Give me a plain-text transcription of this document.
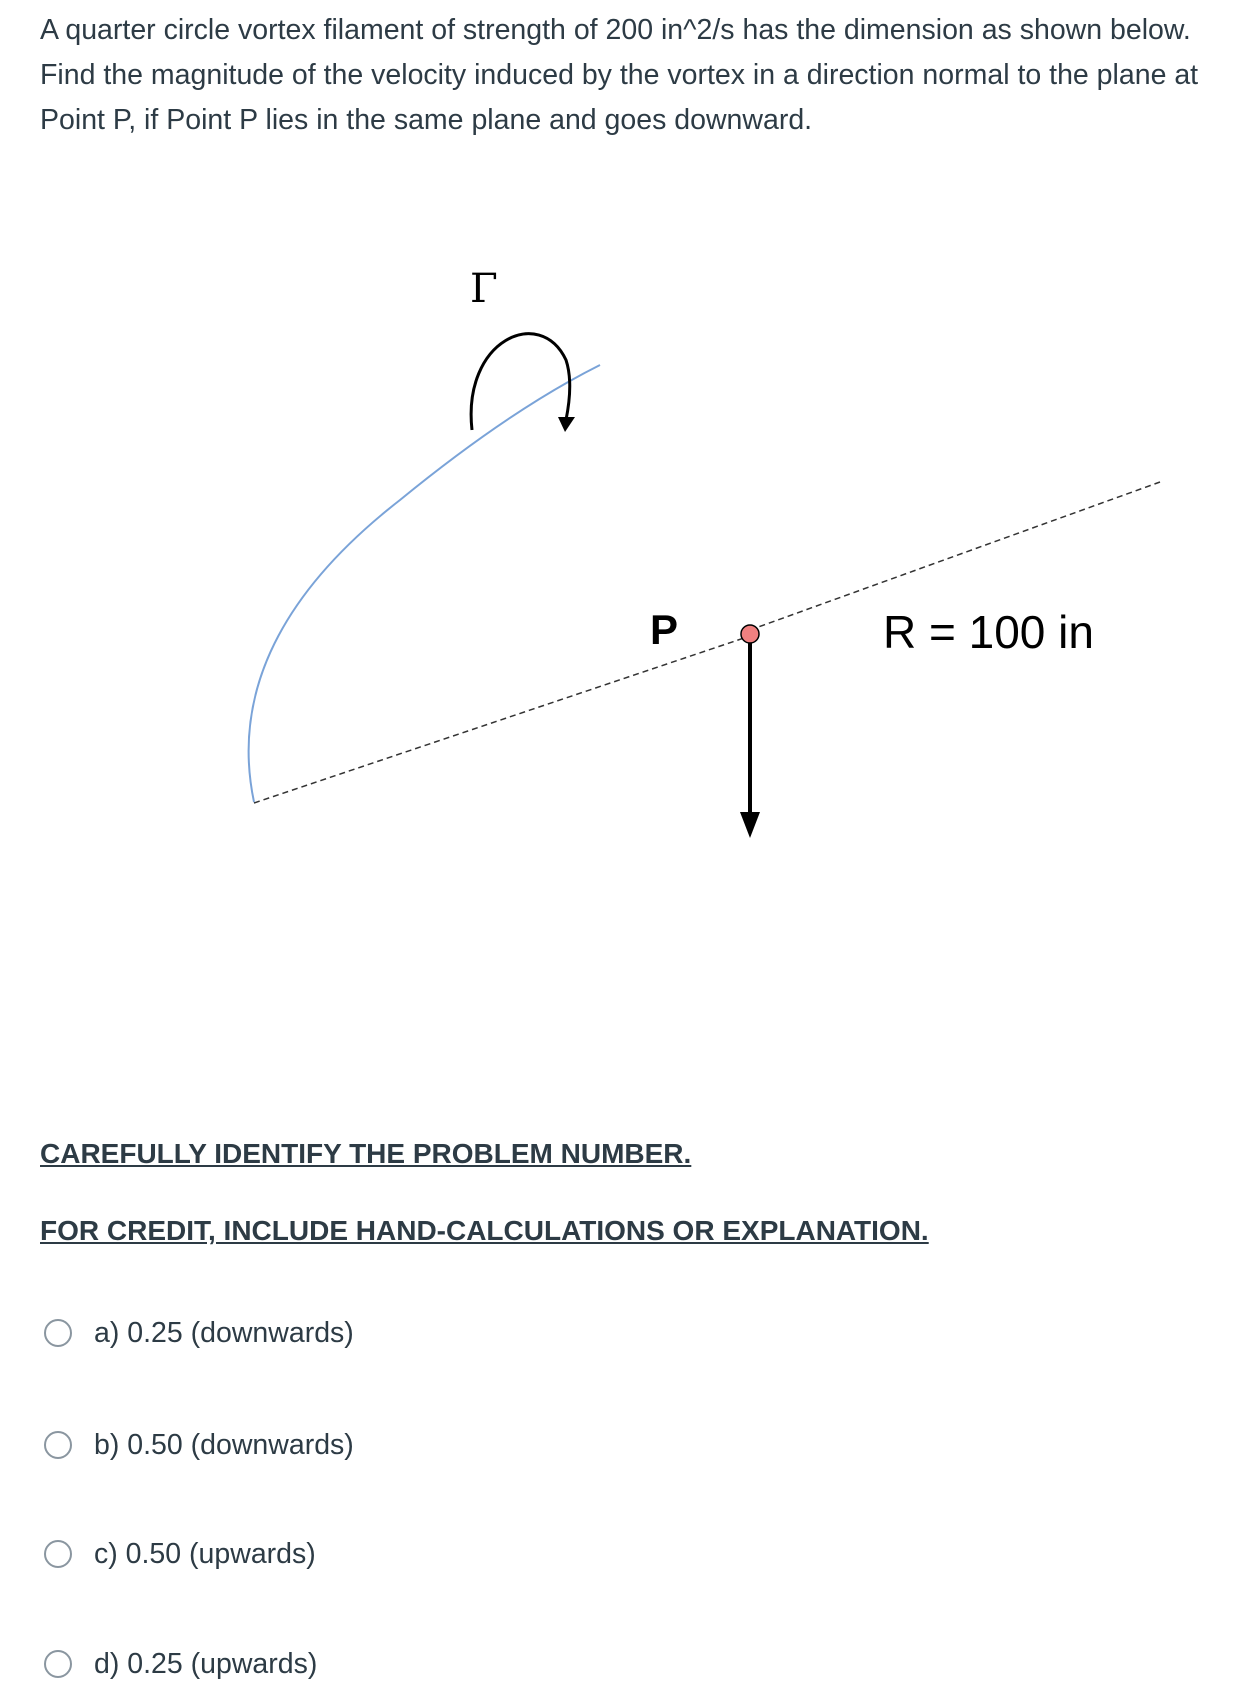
A quarter circle vortex filament of strength of 200 in^2/s has the dimension as shown below. Find the magnitude of the velocity induced by the vortex in a direction normal to the plane at Point P, if Point P lies in the same plane and goes downward.
Γ
P	R = 100 in
CAREFULLY IDENTIFY THE PROBLEM NUMBER.
FOR CREDIT, INCLUDE HAND-CALCULATIONS OR EXPLANATION.
a) 0.25 (downwards)
b) 0.50 (downwards)
c) 0.50 (upwards)
d) 0.25 (upwards)
